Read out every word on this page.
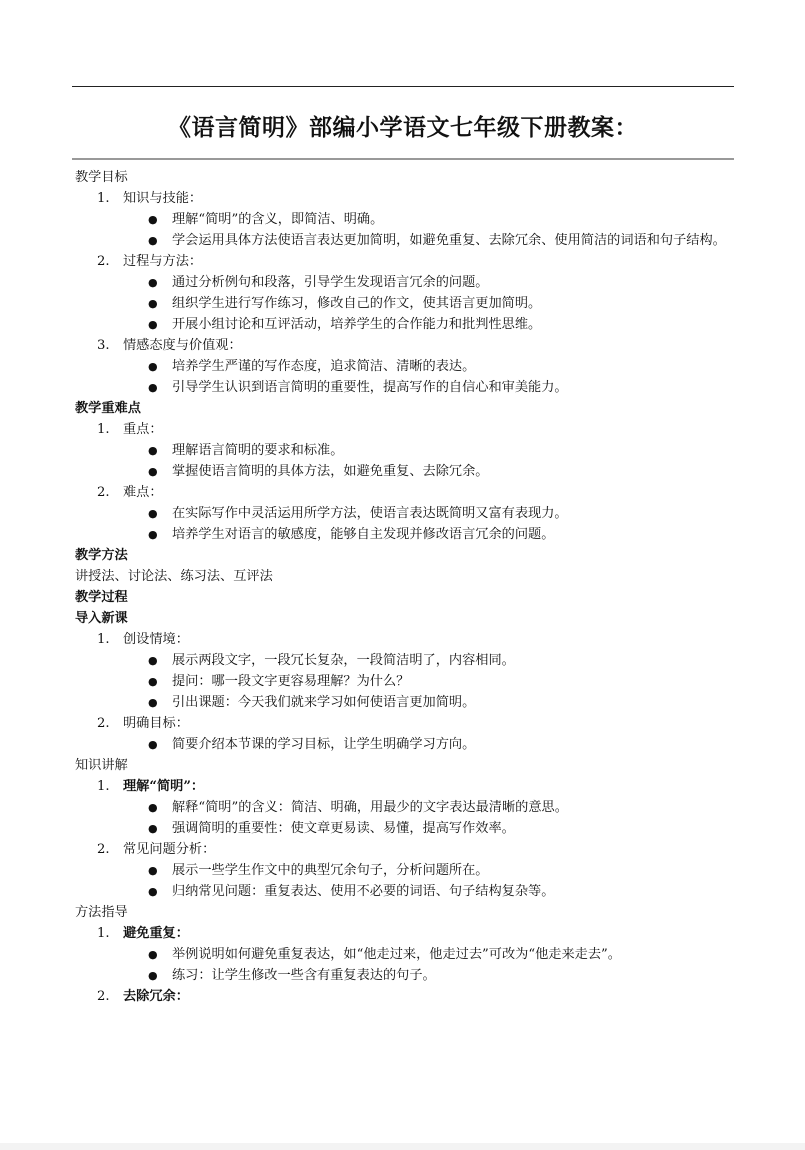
《语言简明》部编小学语文七年级下册教案：
教学目标
1. 知识与技能：
● 理解“简明”的含义，即简洁、明确。
● 学会运用具体方法使语言表达更加简明，如避免重复、去除冗余、使用简洁的词语和句子结构。
2. 过程与方法：
● 通过分析例句和段落，引导学生发现语言冗余的问题。
● 组织学生进行写作练习，修改自己的作文，使其语言更加简明。
● 开展小组讨论和互评活动，培养学生的合作能力和批判性思维。
3. 情感态度与价值观：
● 培养学生严谨的写作态度，追求简洁、清晰的表达。
● 引导学生认识到语言简明的重要性，提高写作的自信心和审美能力。
教学重难点
1. 重点：
● 理解语言简明的要求和标准。
● 掌握使语言简明的具体方法，如避免重复、去除冗余。
2. 难点：
● 在实际写作中灵活运用所学方法，使语言表达既简明又富有表现力。
● 培养学生对语言的敏感度，能够自主发现并修改语言冗余的问题。
教学方法
讲授法、讨论法、练习法、互评法
教学过程
导入新课
1. 创设情境：
● 展示两段文字，一段冗长复杂，一段简洁明了，内容相同。
● 提问：哪一段文字更容易理解？为什么？
● 引出课题：今天我们就来学习如何使语言更加简明。
2. 明确目标：
● 简要介绍本节课的学习目标，让学生明确学习方向。
知识讲解
1. 理解“简明”：
● 解释“简明”的含义：简洁、明确，用最少的文字表达最清晰的意思。
● 强调简明的重要性：使文章更易读、易懂，提高写作效率。
2. 常见问题分析：
● 展示一些学生作文中的典型冗余句子，分析问题所在。
● 归纳常见问题：重复表达、使用不必要的词语、句子结构复杂等。
方法指导
1. 避免重复：
● 举例说明如何避免重复表达，如“他走过来，他走过去”可改为“他走来走去”。
● 练习：让学生修改一些含有重复表达的句子。
2. 去除冗余：
